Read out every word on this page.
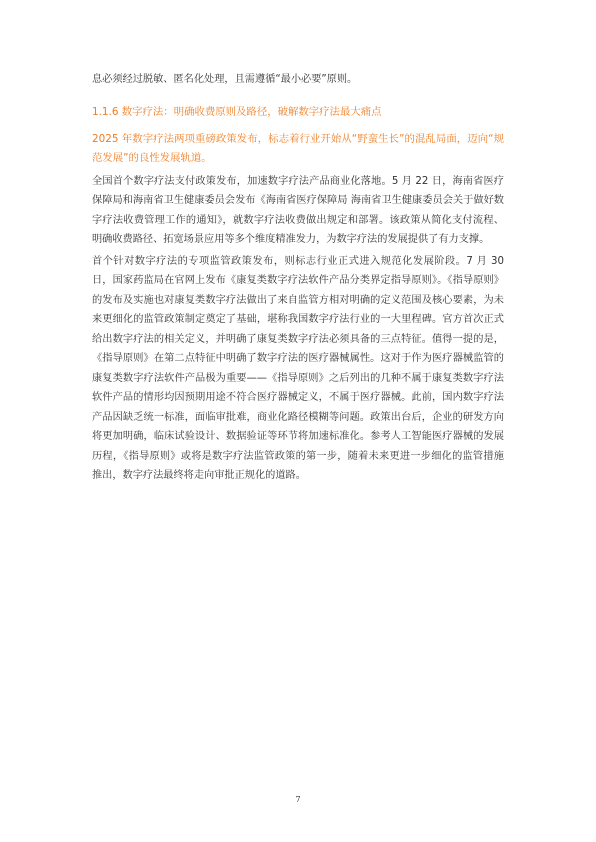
息必须经过脱敏、匿名化处理，且需遵循“最小必要”原则。

1.1.6 数字疗法：明确收费原则及路径，破解数字疗法最大痛点

2025 年数字疗法两项重磅政策发布，标志着行业开始从“野蛮生长”的混乱局面，迈向“规范发展”的良性发展轨道。

全国首个数字疗法支付政策发布，加速数字疗法产品商业化落地。5 月 22 日，海南省医疗保障局和海南省卫生健康委员会发布《海南省医疗保障局 海南省卫生健康委员会关于做好数字疗法收费管理工作的通知》，就数字疗法收费做出规定和部署。该政策从简化支付流程、明确收费路径、拓宽场景应用等多个维度精准发力，为数字疗法的发展提供了有力支撑。

首个针对数字疗法的专项监管政策发布，则标志行业正式进入规范化发展阶段。7 月 30 日，国家药监局在官网上发布《康复类数字疗法软件产品分类界定指导原则》。《指导原则》的发布及实施也对康复类数字疗法做出了来自监管方相对明确的定义范围及核心要素，为未来更细化的监管政策制定奠定了基础，堪称我国数字疗法行业的一大里程碑。官方首次正式给出数字疗法的相关定义，并明确了康复类数字疗法必须具备的三点特征。值得一提的是，《指导原则》在第二点特征中明确了数字疗法的医疗器械属性。这对于作为医疗器械监管的康复类数字疗法软件产品极为重要——《指导原则》之后列出的几种不属于康复类数字疗法软件产品的情形均因预期用途不符合医疗器械定义，不属于医疗器械。此前，国内数字疗法产品因缺乏统一标准，面临审批难，商业化路径模糊等问题。政策出台后，企业的研发方向将更加明确，临床试验设计、数据验证等环节将加速标准化。参考人工智能医疗器械的发展历程，《指导原则》或将是数字疗法监管政策的第一步，随着未来更进一步细化的监管措施推出，数字疗法最终将走向审批正规化的道路。

7
